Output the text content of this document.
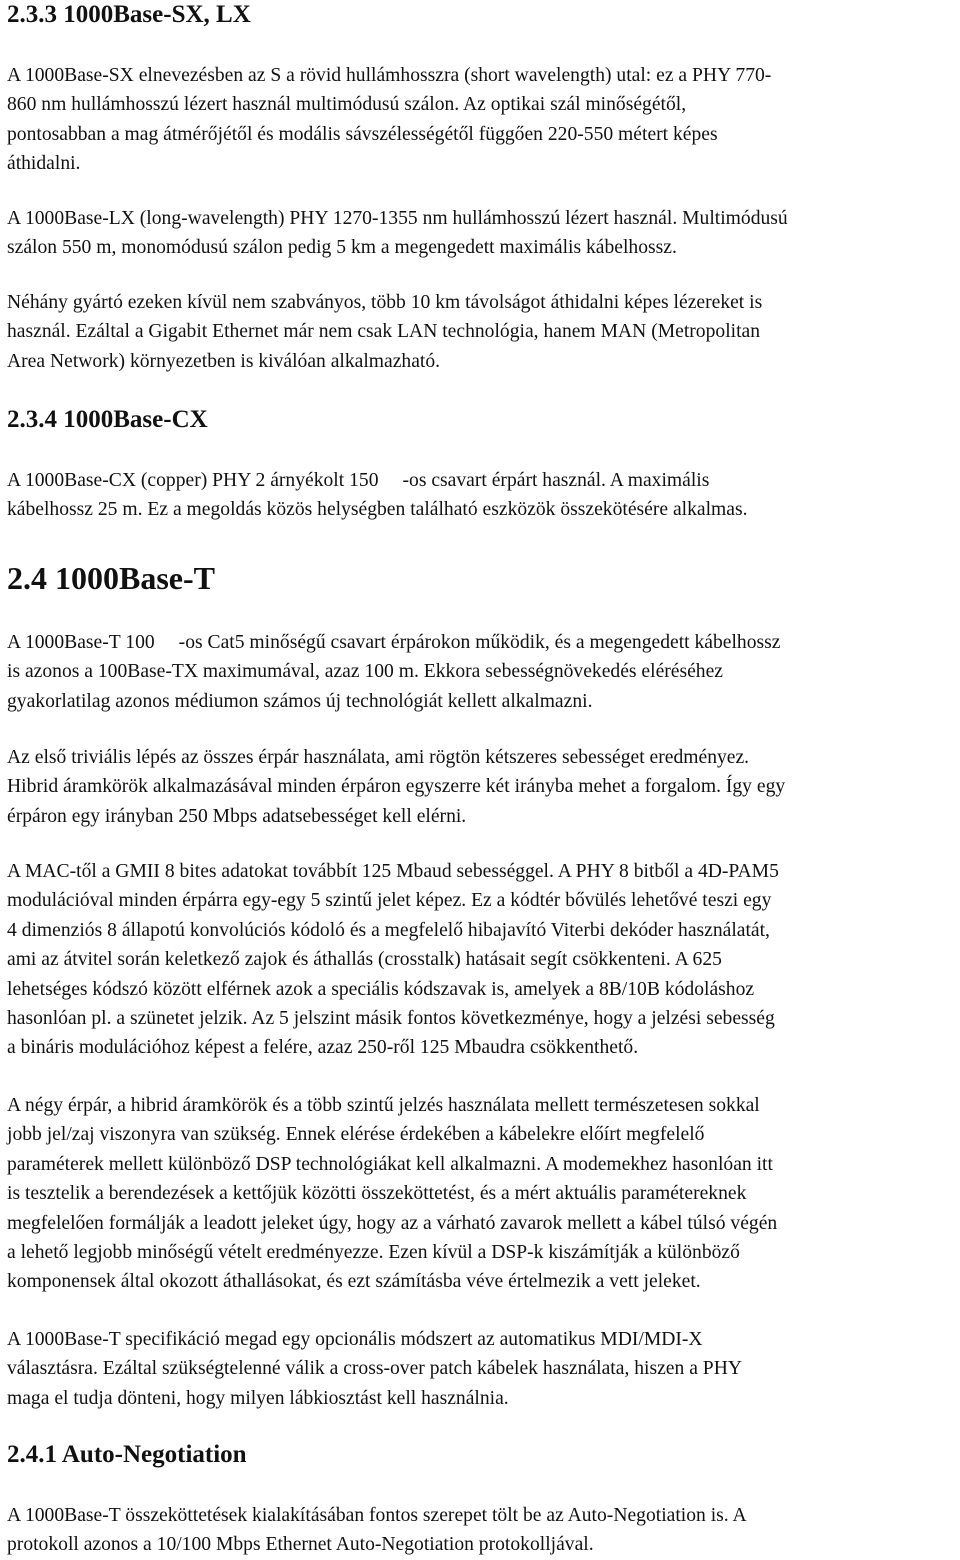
2.3.3 1000Base-SX, LX

A 1000Base-SX elnevezésben az S a rövid hullámhosszra (short wavelength) utal: ez a PHY 770-
860 nm hullámhosszú lézert használ multimódusú szálon. Az optikai szál minőségétől,
pontosabban a mag átmérőjétől és modális sávszélességétől függően 220-550 métert képes
áthidalni.

A 1000Base-LX (long-wavelength) PHY 1270-1355 nm hullámhosszú lézert használ. Multimódusú
szálon 550 m, monomódusú szálon pedig 5 km a megengedett maximális kábelhossz.

Néhány gyártó ezeken kívül nem szabványos, több 10 km távolságot áthidalni képes lézereket is
használ. Ezáltal a Gigabit Ethernet már nem csak LAN technológia, hanem MAN (Metropolitan
Area Network) környezetben is kiválóan alkalmazható.

2.3.4 1000Base-CX

A 1000Base-CX (copper) PHY 2 árnyékolt 150 -os csavart érpárt használ. A maximális
kábelhossz 25 m. Ez a megoldás közös helységben található eszközök összekötésére alkalmas.

2.4 1000Base-T

A 1000Base-T 100 -os Cat5 minőségű csavart érpárokon működik, és a megengedett kábelhossz
is azonos a 100Base-TX maximumával, azaz 100 m. Ekkora sebességnövekedés eléréséhez
gyakorlatilag azonos médiumon számos új technológiát kellett alkalmazni.

Az első triviális lépés az összes érpár használata, ami rögtön kétszeres sebességet eredményez.
Hibrid áramkörök alkalmazásával minden érpáron egyszerre két irányba mehet a forgalom. Így egy
érpáron egy irányban 250 Mbps adatsebességet kell elérni.

A MAC-től a GMII 8 bites adatokat továbbít 125 Mbaud sebességgel. A PHY 8 bitből a 4D-PAM5
modulációval minden érpárra egy-egy 5 szintű jelet képez. Ez a kódtér bővülés lehetővé teszi egy
4 dimenziós 8 állapotú konvolúciós kódoló és a megfelelő hibajavító Viterbi dekóder használatát,
ami az átvitel során keletkező zajok és áthallás (crosstalk) hatásait segít csökkenteni. A 625
lehetséges kódszó között elférnek azok a speciális kódszavak is, amelyek a 8B/10B kódoláshoz
hasonlóan pl. a szünetet jelzik. Az 5 jelszint másik fontos következménye, hogy a jelzési sebesség
a bináris modulációhoz képest a felére, azaz 250-ről 125 Mbaudra csökkenthető.

A négy érpár, a hibrid áramkörök és a több szintű jelzés használata mellett természetesen sokkal
jobb jel/zaj viszonyra van szükség. Ennek elérése érdekében a kábelekre előírt megfelelő
paraméterek mellett különböző DSP technológiákat kell alkalmazni. A modemekhez hasonlóan itt
is tesztelik a berendezések a kettőjük közötti összeköttetést, és a mért aktuális paramétereknek
megfelelően formálják a leadott jeleket úgy, hogy az a várható zavarok mellett a kábel túlsó végén
a lehető legjobb minőségű vételt eredményezze. Ezen kívül a DSP-k kiszámítják a különböző
komponensek által okozott áthallásokat, és ezt számításba véve értelmezik a vett jeleket.

A 1000Base-T specifikáció megad egy opcionális módszert az automatikus MDI/MDI-X
választásra. Ezáltal szükségtelenné válik a cross-over patch kábelek használata, hiszen a PHY
maga el tudja dönteni, hogy milyen lábkiosztást kell használnia.

2.4.1 Auto-Negotiation

A 1000Base-T összeköttetések kialakításában fontos szerepet tölt be az Auto-Negotiation is. A
protokoll azonos a 10/100 Mbps Ethernet Auto-Negotiation protokolljával.
